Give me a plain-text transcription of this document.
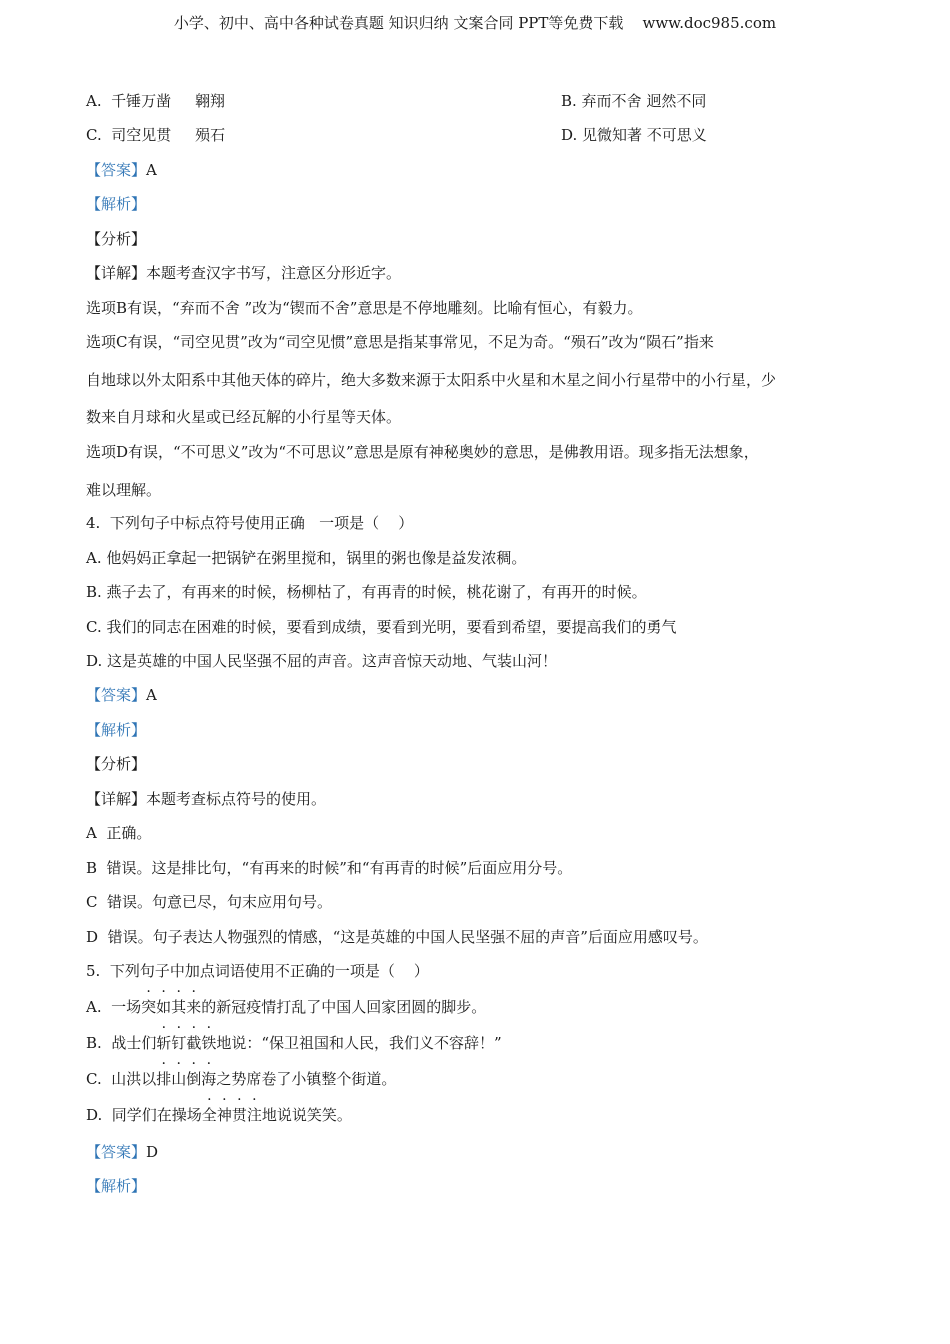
小学、初中、高中各种试卷真题 知识归纳 文案合同 PPT等免费下载    www.doc985.com
A.  千锤万凿     翱翔	B. 弃而不舍 迥然不同
C.  司空见贯     殒石	D. 见微知著 不可思义
【答案】A
【解析】
【分析】
【详解】本题考查汉字书写，注意区分形近字。
选项B有误，“弃而不舍 ”改为“锲而不舍”意思是不停地雕刻。比喻有恒心，有毅力。
选项C有误，“司空见贯”改为“司空见惯”意思是指某事常见，不足为奇。“殒石”改为“陨石”指来
自地球以外太阳系中其他天体的碎片，绝大多数来源于太阳系中火星和木星之间小行星带中的小行星，少
数来自月球和火星或已经瓦解的小行星等天体。
选项D有误，“不可思义”改为“不可思议”意思是原有神秘奥妙的意思，是佛教用语。现多指无法想象，
难以理解。
4.  下列句子中标点符号使用正确   一项是（    ）
A. 他妈妈正拿起一把锅铲在粥里搅和，锅里的粥也像是益发浓稠。
B. 燕子去了，有再来的时候，杨柳枯了，有再青的时候，桃花谢了，有再开的时候。
C. 我们的同志在困难的时候，要看到成绩，要看到光明，要看到希望，要提高我们的勇气
D. 这是英雄的中国人民坚强不屈的声音。这声音惊天动地、气装山河！
【答案】A
【解析】
【分析】
【详解】本题考查标点符号的使用。
A  正确。
B  错误。这是排比句，“有再来的时候”和“有再青的时候”后面应用分号。
C  错误。句意已尽，句末应用句号。
D  错误。句子表达人物强烈的情感，“这是英雄的中国人民坚强不屈的声音”后面应用感叹号。
5.  下列句子中加点词语使用不正确的一项是（    ）
A.  一场突如其来的新冠疫情打乱了中国人回家团圆的脚步。
B.  战士们斩钉截铁地说：“保卫祖国和人民，我们义不容辞！”
C.  山洪以排山倒海之势席卷了小镇整个街道。
D.  同学们在操场全神贯注地说说笑笑。
【答案】D
【解析】
